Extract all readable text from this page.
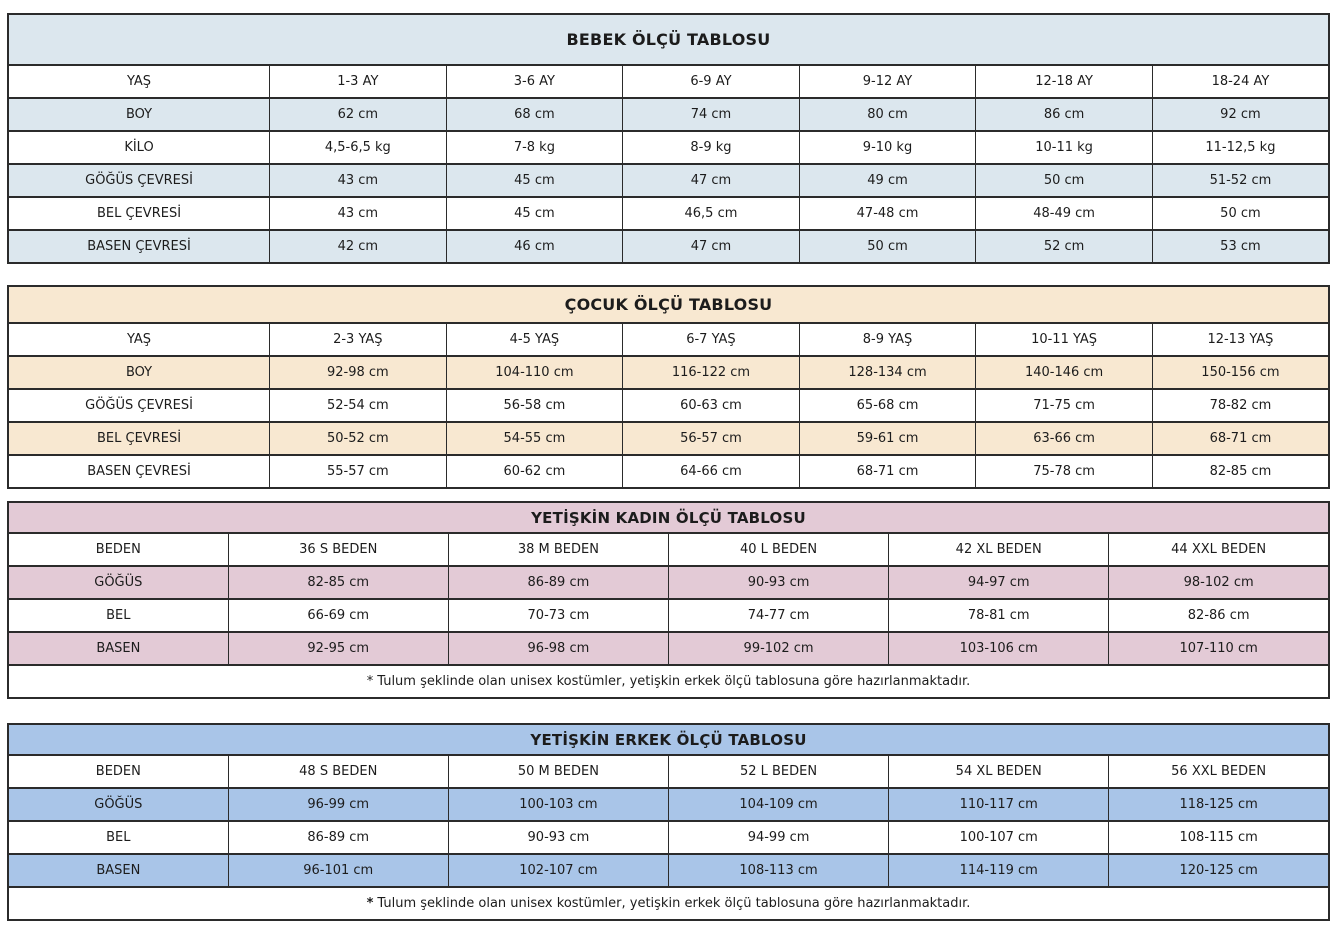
BEBEK ÖLÇÜ TABLOSU						
YAŞ	1-3 AY	3-6 AY	6-9 AY	9-12 AY	12-18 AY	18-24 AY
BOY	62 cm	68 cm	74 cm	80 cm	86 cm	92 cm
KİLO	4,5-6,5 kg	7-8 kg	8-9 kg	9-10 kg	10-11 kg	11-12,5 kg
GÖĞÜS ÇEVRESİ	43 cm	45 cm	47 cm	49 cm	50 cm	51-52 cm
BEL ÇEVRESİ	43 cm	45 cm	46,5 cm	47-48 cm	48-49 cm	50 cm
BASEN ÇEVRESİ	42 cm	46 cm	47 cm	50 cm	52 cm	53 cm
ÇOCUK ÖLÇÜ TABLOSU						
YAŞ	2-3 YAŞ	4-5 YAŞ	6-7 YAŞ	8-9 YAŞ	10-11 YAŞ	12-13 YAŞ
BOY	92-98 cm	104-110 cm	116-122 cm	128-134 cm	140-146 cm	150-156 cm
GÖĞÜS ÇEVRESİ	52-54 cm	56-58 cm	60-63 cm	65-68 cm	71-75 cm	78-82 cm
BEL ÇEVRESİ	50-52 cm	54-55 cm	56-57 cm	59-61 cm	63-66 cm	68-71 cm
BASEN ÇEVRESİ	55-57 cm	60-62 cm	64-66 cm	68-71 cm	75-78 cm	82-85 cm
YETİŞKİN KADIN ÖLÇÜ TABLOSU					
BEDEN	36 S BEDEN	38 M BEDEN	40 L BEDEN	42 XL BEDEN	44 XXL BEDEN
GÖĞÜS	82-85 cm	86-89 cm	90-93 cm	94-97 cm	98-102 cm
BEL	66-69 cm	70-73 cm	74-77 cm	78-81 cm	82-86 cm
BASEN	92-95 cm	96-98 cm	99-102 cm	103-106 cm	107-110 cm
* Tulum şeklinde olan unisex kostümler, yetişkin erkek ölçü tablosuna göre hazırlanmaktadır.					
YETİŞKİN ERKEK ÖLÇÜ TABLOSU					
BEDEN	48 S BEDEN	50 M BEDEN	52 L BEDEN	54 XL BEDEN	56 XXL BEDEN
GÖĞÜS	96-99 cm	100-103 cm	104-109 cm	110-117 cm	118-125 cm
BEL	86-89 cm	90-93 cm	94-99 cm	100-107 cm	108-115 cm
BASEN	96-101 cm	102-107 cm	108-113 cm	114-119 cm	120-125 cm
* Tulum şeklinde olan unisex kostümler, yetişkin erkek ölçü tablosuna göre hazırlanmaktadır.					
